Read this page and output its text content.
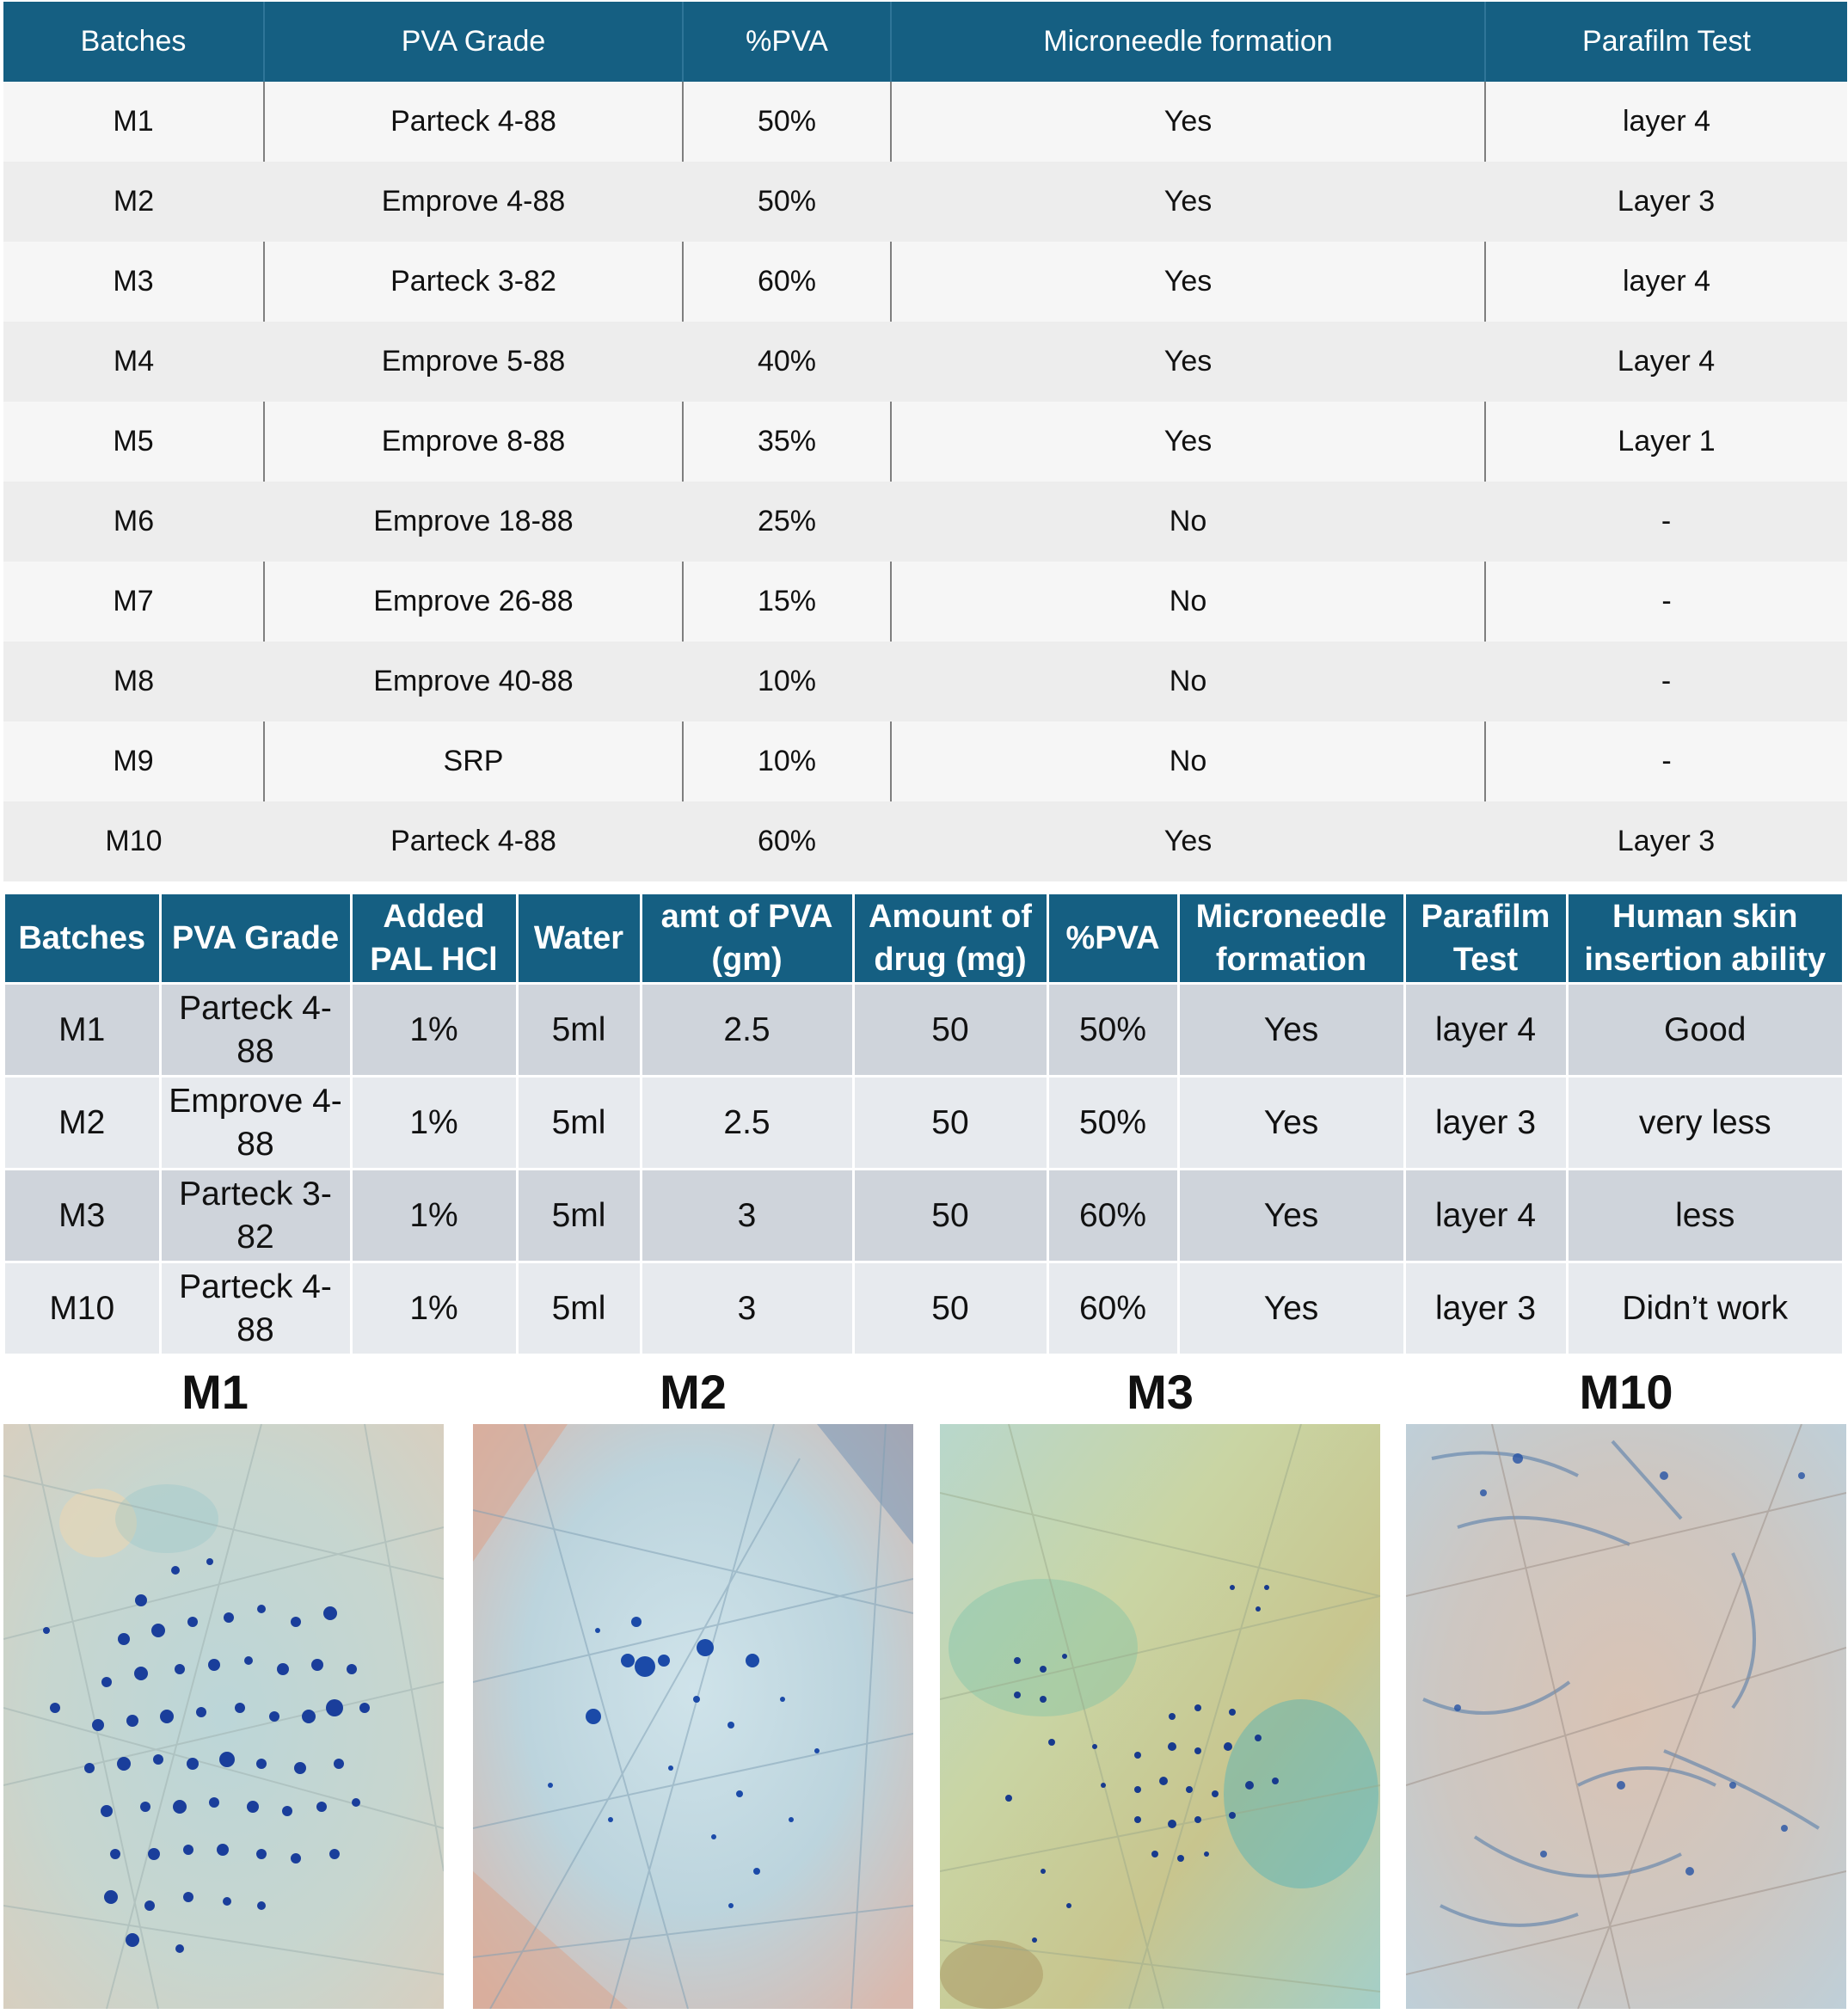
Batches	PVA Grade	%PVA	Microneedle formation	Parafilm Test
M1	Parteck 4-88	50%	Yes	layer 4
M2	Emprove 4-88	50%	Yes	Layer 3
M3	Parteck 3-82	60%	Yes	layer 4
M4	Emprove 5-88	40%	Yes	Layer 4
M5	Emprove 8-88	35%	Yes	Layer 1
M6	Emprove 18-88	25%	No	-
M7	Emprove 26-88	15%	No	-
M8	Emprove 40-88	10%	No	-
M9	SRP	10%	No	-
M10	Parteck 4-88	60%	Yes	Layer 3
Batches	PVA Grade	Added PAL HCl	Water	amt of PVA (gm)	Amount of drug (mg)	%PVA	Microneedle formation	Parafilm Test	Human skin insertion ability
M1	Parteck 4-88	1%	5ml	2.5	50	50%	Yes	layer 4	Good
M2	Emprove 4-88	1%	5ml	2.5	50	50%	Yes	layer 3	very less
M3	Parteck 3-82	1%	5ml	3	50	60%	Yes	layer 4	less
M10	Parteck 4-88	1%	5ml	3	50	60%	Yes	layer 3	Didn’t work
M1	M2	M3	M10
